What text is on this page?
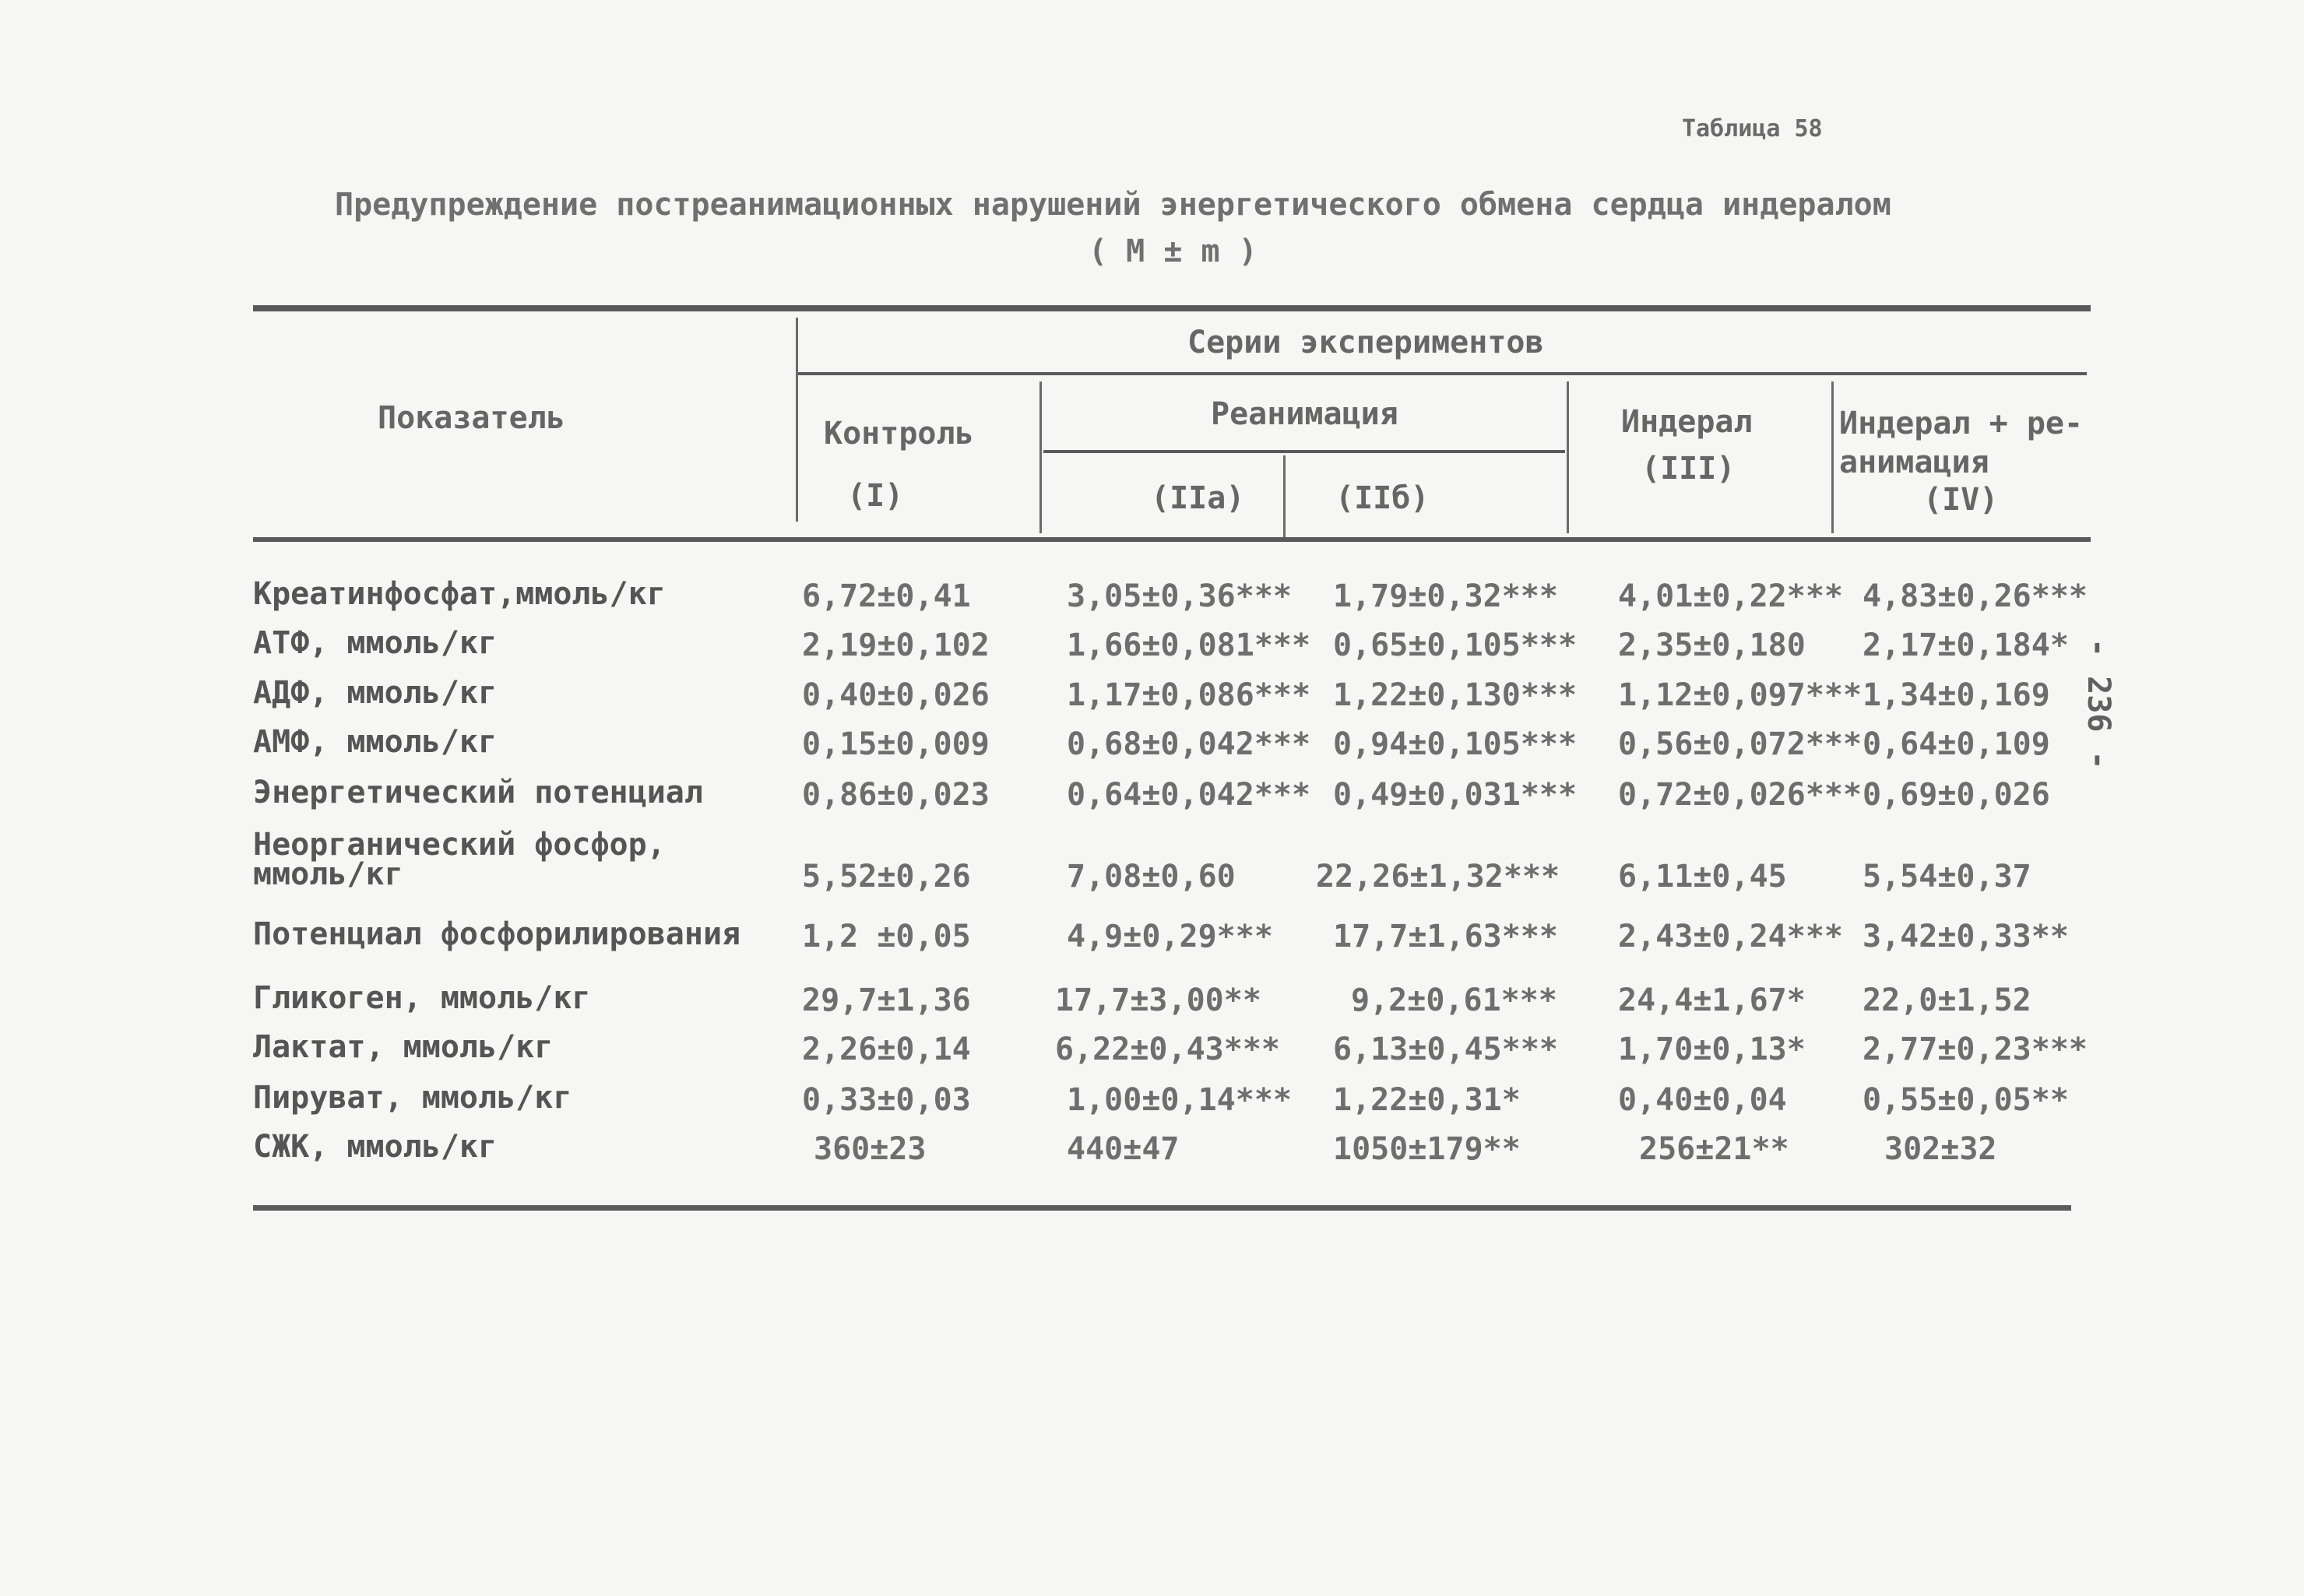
Таблица 58
Предупреждение постреанимационных нарушений энергетического обмена сердца индералом
( М ± m )
- 236 -
Показатель
Серии экспериментов
Контроль
(I)
Реанимация
(IIа)	(IIб)
Индерал
(III)
Индерал + ре-
анимация
(IV)
Креатинфосфат,ммоль/кг	6,72±0,41	3,05±0,36*** 1,79±0,32*** 4,01±0,22*** 4,83±0,26***
АТФ, ммоль/кг	2,19±0,102 1,66±0,081*** 0,65±0,105*** 2,35±0,180 2,17±0,184*
АДФ, ммоль/кг	0,40±0,026 1,17±0,086*** 1,22±0,130*** 1,12±0,097*** 1,34±0,169
АМФ, ммоль/кг	0,15±0,009 0,68±0,042*** 0,94±0,105*** 0,56±0,072*** 0,64±0,109
Энергетический потенциал	0,86±0,023 0,64±0,042*** 0,49±0,031*** 0,72±0,026*** 0,69±0,026
Неорганический фосфор,
ммоль/кг	5,52±0,26	7,08±0,60	22,26±1,32*** 6,11±0,45 5,54±0,37
Потенциал фосфорилирования 1,2 ±0,05	4,9±0,29*** 17,7±1,63*** 2,43±0,24*** 3,42±0,33**
Гликоген, ммоль/кг	29,7±1,36	17,7±3,00**	9,2±0,61*** 24,4±1,67* 22,0±1,52
Лактат, ммоль/кг	2,26±0,14	6,22±0,43*** 6,13±0,45*** 1,70±0,13* 2,77±0,23***
Пируват, ммоль/кг	0,33±0,03	1,00±0,14*** 1,22±0,31*	0,40±0,04 0,55±0,05**
СЖК, ммоль/кг	360±23	440±47	1050±179**	256±21**	302±32
